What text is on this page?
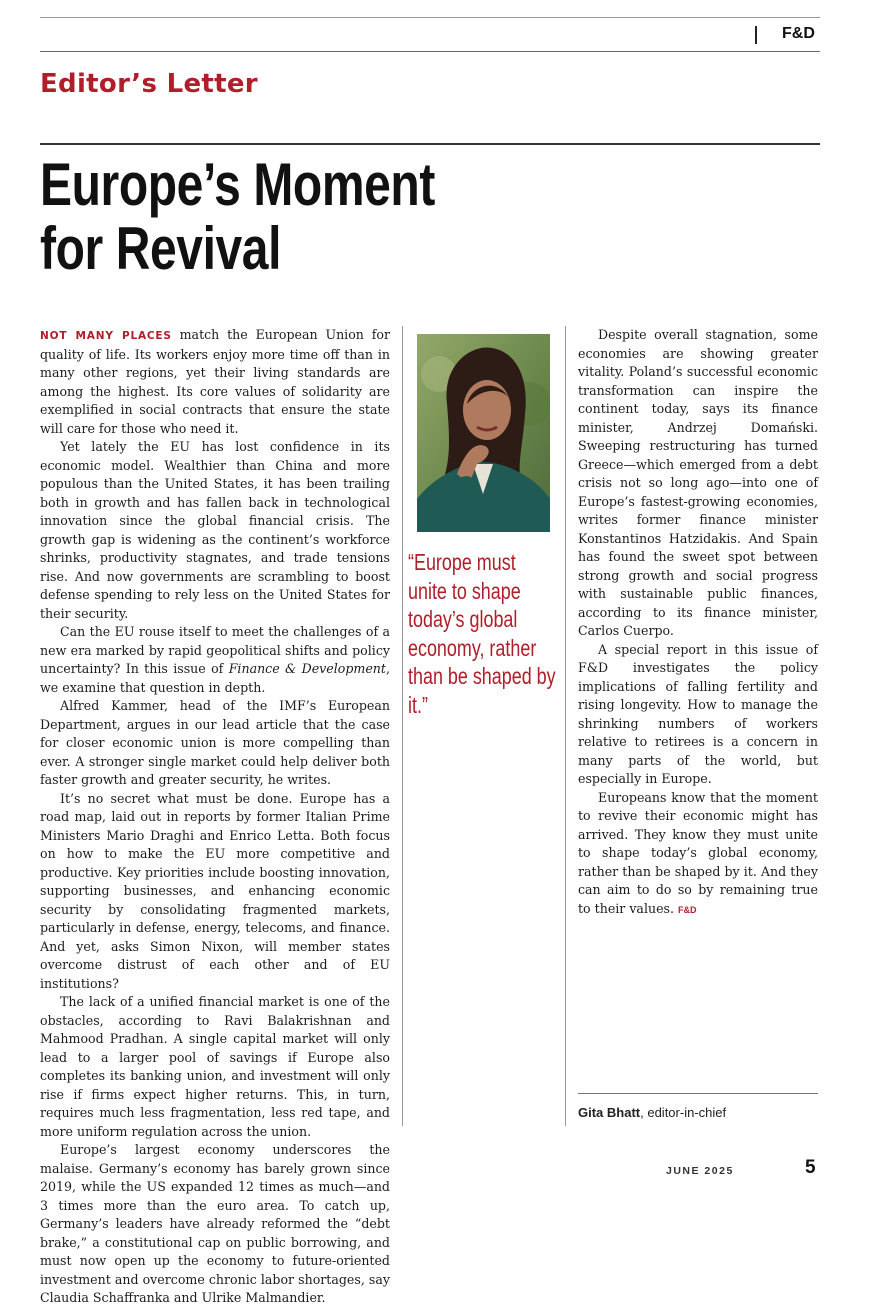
F&D
Editor’s Letter
Europe’s Moment
for Revival

NOT MANY PLACES match the European Union for quality of life. Its workers enjoy more time off than in many other regions, yet their living standards are among the highest. Its core values of solidarity are exemplified in social contracts that ensure the state will care for those who need it.

Yet lately the EU has lost confidence in its economic model. Wealthier than China and more populous than the United States, it has been trailing both in growth and has fallen back in technological innovation since the global financial crisis. The growth gap is widening as the continent’s workforce shrinks, productivity stagnates, and trade tensions rise. And now governments are scrambling to boost defense spending to rely less on the United States for their security.

Can the EU rouse itself to meet the challenges of a new era marked by rapid geopolitical shifts and policy uncertainty? In this issue of Finance & Development, we examine that question in depth.

Alfred Kammer, head of the IMF’s European Department, argues in our lead article that the case for closer economic union is more compelling than ever. A stronger single market could help deliver both faster growth and greater security, he writes.

It’s no secret what must be done. Europe has a road map, laid out in reports by former Italian Prime Ministers Mario Draghi and Enrico Letta. Both focus on how to make the EU more competitive and productive. Key priorities include boosting innovation, supporting businesses, and enhancing economic security by consolidating fragmented markets, particularly in defense, energy, telecoms, and finance. And yet, asks Simon Nixon, will member states overcome distrust of each other and of EU institutions?

The lack of a unified financial market is one of the obstacles, according to Ravi Balakrishnan and Mahmood Pradhan. A single capital market will only lead to a larger pool of savings if Europe also completes its banking union, and investment will only rise if firms expect higher returns. This, in turn, requires much less fragmentation, less red tape, and more uniform regulation across the union.

Europe’s largest economy underscores the malaise. Germany’s economy has barely grown since 2019, while the US expanded 12 times as much—and 3 times more than the euro area. To catch up, Germany’s leaders have already reformed the “debt brake,” a constitutional cap on public borrowing, and must now open up the economy to future-oriented investment and overcome chronic labor shortages, say Claudia Schaffranka and Ulrike Malmandier.

“Europe must unite to shape today’s global economy, rather than be shaped by it.”

Despite overall stagnation, some economies are showing greater vitality. Poland’s successful economic transformation can inspire the continent today, says its finance minister, Andrzej Domański. Sweeping restructuring has turned Greece—which emerged from a debt crisis not so long ago—into one of Europe’s fastest-growing economies, writes former finance minister Konstantinos Hatzidakis. And Spain has found the sweet spot between strong growth and social progress with sustainable public finances, according to its finance minister, Carlos Cuerpo.

A special report in this issue of F&D investigates the policy implications of falling fertility and rising longevity. How to manage the shrinking numbers of workers relative to retirees is a concern in many parts of the world, but especially in Europe.

Europeans know that the moment to revive their economic might has arrived. They know they must unite to shape today’s global economy, rather than be shaped by it. And they can aim to do so by remaining true to their values. F&D

Gita Bhatt, editor-in-chief
JUNE 2025	5
